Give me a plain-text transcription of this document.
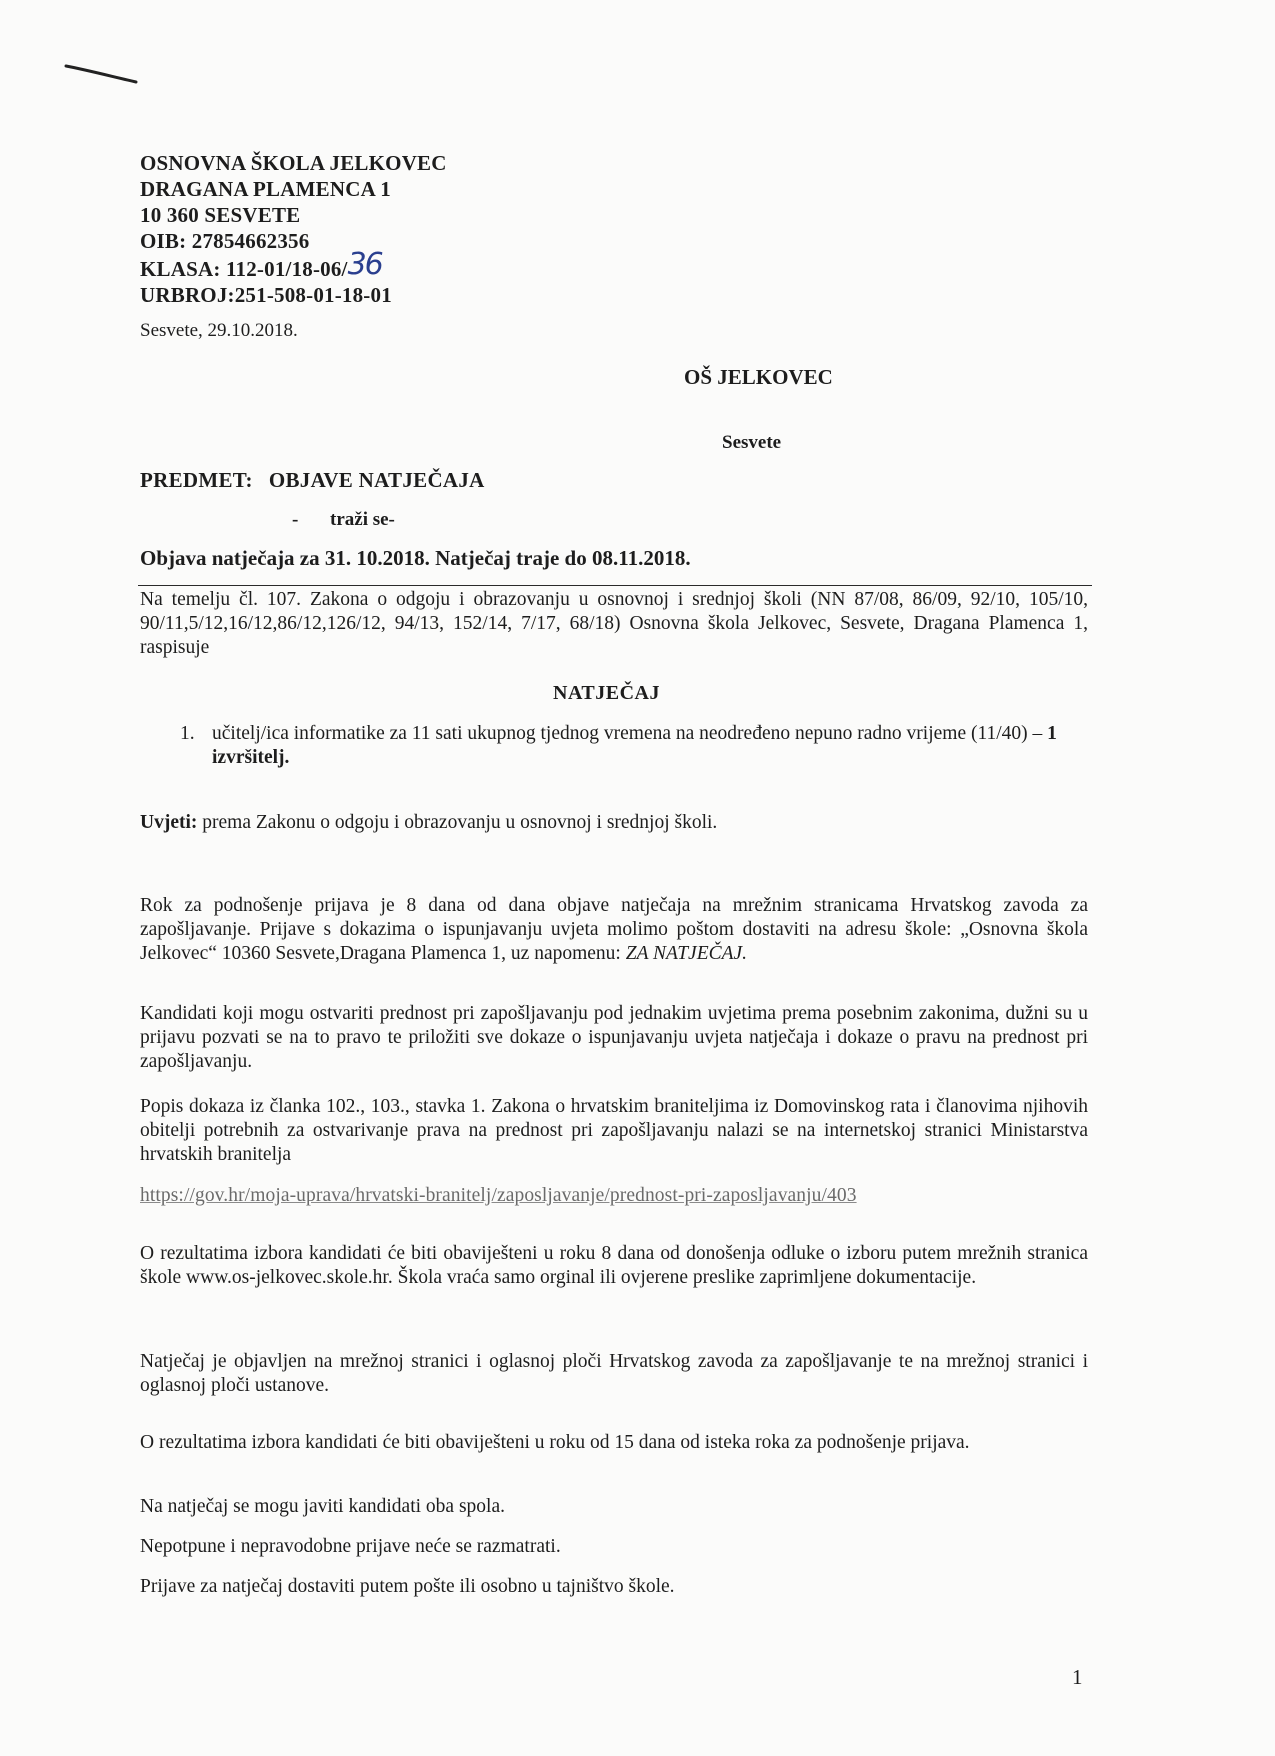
OSNOVNA ŠKOLA JELKOVEC
DRAGANA PLAMENCA 1
10 360 SESVETE
OIB: 27854662356
KLASA: 112-01/18-06/36
URBROJ:251-508-01-18-01
Sesvete, 29.10.2018.
OŠ JELKOVEC
Sesvete
PREDMET: OBJAVE NATJEČAJA
- traži se-
Objava natječaja za 31. 10.2018. Natječaj traje do 08.11.2018.
Na temelju čl. 107. Zakona o odgoju i obrazovanju u osnovnoj i srednjoj školi (NN 87/08, 86/09, 92/10, 105/10, 90/11,5/12,16/12,86/12,126/12, 94/13, 152/14, 7/17, 68/18) Osnovna škola Jelkovec, Sesvete, Dragana Plamenca 1, raspisuje
NATJEČAJ
1. učitelj/ica informatike za 11 sati ukupnog tjednog vremena na neodređeno nepuno radno vrijeme (11/40) – 1 izvršitelj.
Uvjeti: prema Zakonu o odgoju i obrazovanju u osnovnoj i srednjoj školi.
Rok za podnošenje prijava je 8 dana od dana objave natječaja na mrežnim stranicama Hrvatskog zavoda za zapošljavanje. Prijave s dokazima o ispunjavanju uvjeta molimo poštom dostaviti na adresu škole: „Osnovna škola Jelkovec“ 10360 Sesvete,Dragana Plamenca 1, uz napomenu: ZA NATJEČAJ.
Kandidati koji mogu ostvariti prednost pri zapošljavanju pod jednakim uvjetima prema posebnim zakonima, dužni su u prijavu pozvati se na to pravo te priložiti sve dokaze o ispunjavanju uvjeta natječaja i dokaze o pravu na prednost pri zapošljavanju.
Popis dokaza iz članka 102., 103., stavka 1. Zakona o hrvatskim braniteljima iz Domovinskog rata i članovima njihovih obitelji potrebnih za ostvarivanje prava na prednost pri zapošljavanju nalazi se na internetskoj stranici Ministarstva hrvatskih branitelja
https://gov.hr/moja-uprava/hrvatski-branitelj/zaposljavanje/prednost-pri-zaposljavanju/403
O rezultatima izbora kandidati će biti obaviješteni u roku 8 dana od donošenja odluke o izboru putem mrežnih stranica škole www.os-jelkovec.skole.hr. Škola vraća samo orginal ili ovjerene preslike zaprimljene dokumentacije.
Natječaj je objavljen na mrežnoj stranici i oglasnoj ploči Hrvatskog zavoda za zapošljavanje te na mrežnoj stranici i oglasnoj ploči ustanove.
O rezultatima izbora kandidati će biti obaviješteni u roku od 15 dana od isteka roka za podnošenje prijava.
Na natječaj se mogu javiti kandidati oba spola.
Nepotpune i nepravodobne prijave neće se razmatrati.
Prijave za natječaj dostaviti putem pošte ili osobno u tajništvo škole.
1
